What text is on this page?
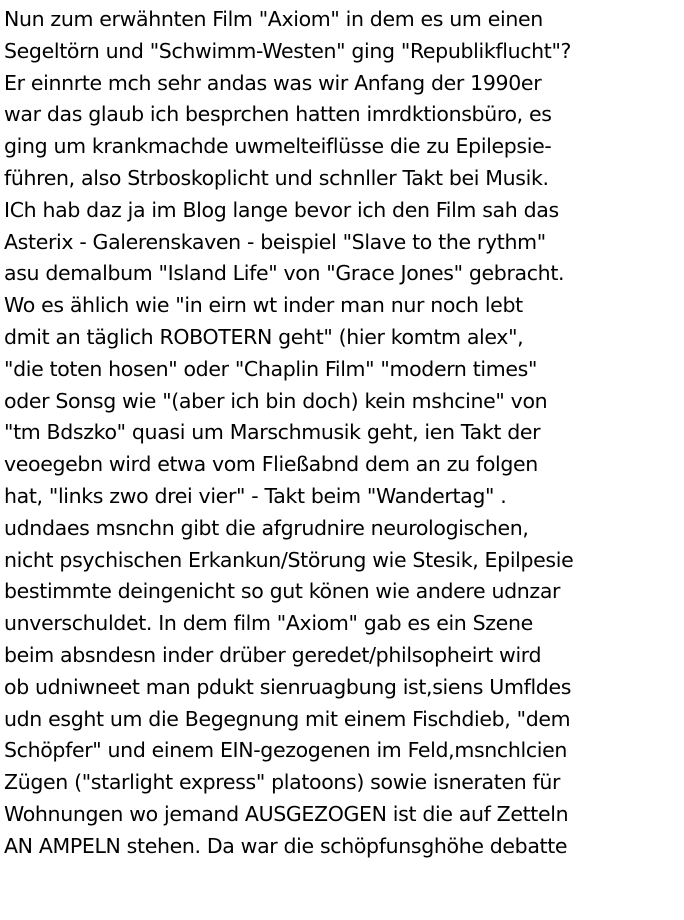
Nun zum erwähnten Film "Axiom" in dem es um einen
Segeltörn und "Schwimm-Westen" ging "Republikflucht"?
Er einnrte mch sehr andas was wir Anfang der 1990er
war das glaub ich besprchen hatten imrdktionsbüro, es
ging um krankmachde uwmelteiflüsse die zu Epilepsie-
führen, also Strboskoplicht und schnller Takt bei Musik.
ICh hab daz ja im Blog lange bevor ich den Film sah das
Asterix - Galerenskaven - beispiel "Slave to the rythm"
asu demalbum "Island Life" von "Grace Jones" gebracht.
Wo es ählich wie "in eirn wt inder man nur noch lebt
dmit an täglich ROBOTERN geht" (hier komtm alex",
"die toten hosen" oder "Chaplin Film" "modern times"
oder Sonsg wie "(aber ich bin doch) kein mshcine" von
"tm Bdszko" quasi um Marschmusik geht, ien Takt der
veoegebn wird etwa vom Fließabnd dem an zu folgen
hat, "links zwo drei vier" - Takt beim "Wandertag" .
udndaes msnchn gibt die afgrudnire neurologischen,
nicht psychischen Erkankun/Störung wie Stesik, Epilpesie
bestimmte deingenicht so gut könen wie andere udnzar
unverschuldet. In dem film "Axiom" gab es ein Szene
beim absndesn inder drüber geredet/philsopheirt wird
ob udniwneet man pdukt sienruagbung ist,siens Umfldes
udn esght um die Begegnung mit einem Fischdieb, "dem
Schöpfer" und einem EIN-gezogenen im Feld,msnchlcien
Zügen ("starlight express" platoons) sowie isneraten für
Wohnungen wo jemand AUSGEZOGEN ist die auf Zetteln
AN AMPELN stehen. Da war die schöpfunsghöhe debatte
